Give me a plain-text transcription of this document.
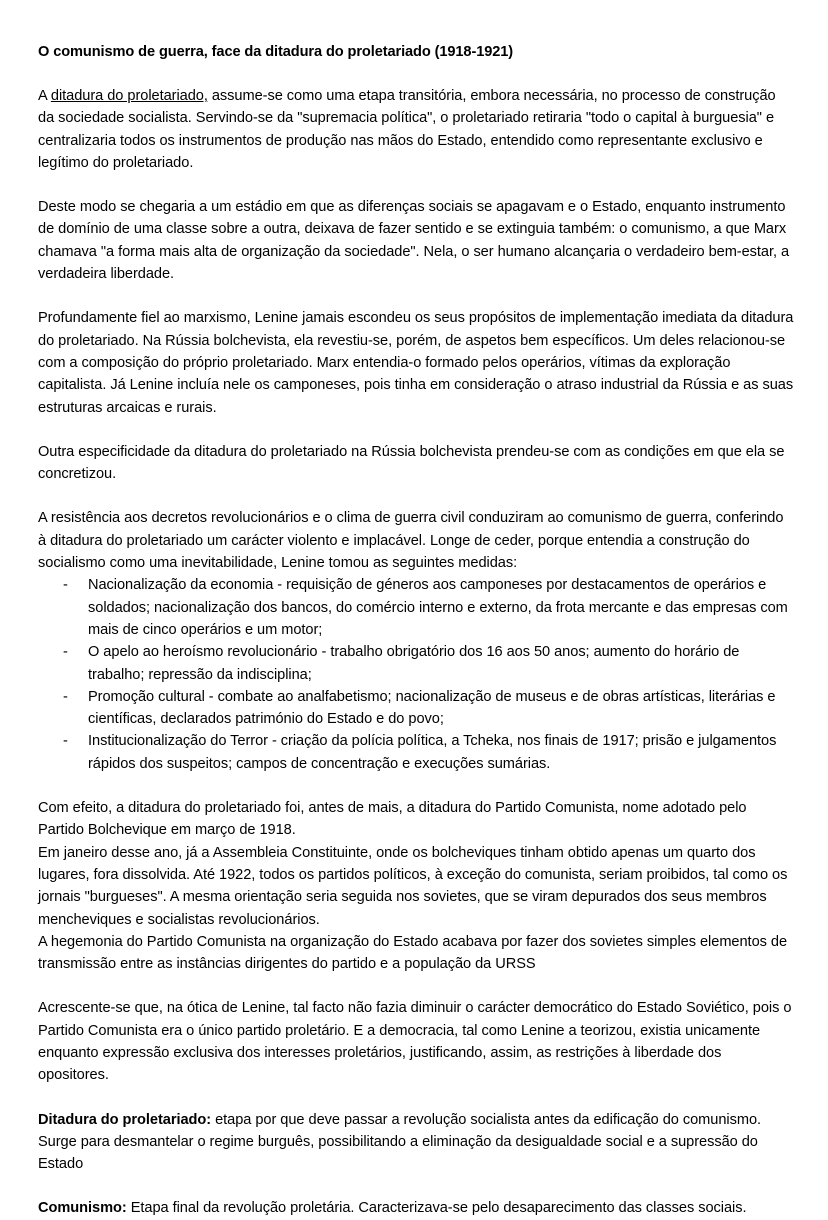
O comunismo de guerra, face da ditadura do proletariado (1918-1921)

A ditadura do proletariado, assume-se como uma etapa transitória, embora necessária, no processo de construção da sociedade socialista. Servindo-se da "supremacia política", o proletariado retiraria "todo o capital à burguesia" e centralizaria todos os instrumentos de produção nas mãos do Estado, entendido como representante exclusivo e legítimo do proletariado.

Deste modo se chegaria a um estádio em que as diferenças sociais se apagavam e o Estado, enquanto instrumento de domínio de uma classe sobre a outra, deixava de fazer sentido e se extinguia também: o comunismo, a que Marx chamava "a forma mais alta de organização da sociedade". Nela, o ser humano alcançaria o verdadeiro bem-estar, a verdadeira liberdade.

Profundamente fiel ao marxismo, Lenine jamais escondeu os seus propósitos de implementação imediata da ditadura do proletariado. Na Rússia bolchevista, ela revestiu-se, porém, de aspetos bem específicos. Um deles relacionou-se com a composição do próprio proletariado. Marx entendia-o formado pelos operários, vítimas da exploração capitalista. Já Lenine incluía nele os camponeses, pois tinha em consideração o atraso industrial da Rússia e as suas estruturas arcaicas e rurais.

Outra especificidade da ditadura do proletariado na Rússia bolchevista prendeu-se com as condições em que ela se concretizou.

A resistência aos decretos revolucionários e o clima de guerra civil conduziram ao comunismo de guerra, conferindo à ditadura do proletariado um carácter violento e implacável. Longe de ceder, porque entendia a construção do socialismo como uma inevitabilidade, Lenine tomou as seguintes medidas:

- Nacionalização da economia - requisição de géneros aos camponeses por destacamentos de operários e soldados; nacionalização dos bancos, do comércio interno e externo, da frota mercante e das empresas com mais de cinco operários e um motor;
- O apelo ao heroísmo revolucionário - trabalho obrigatório dos 16 aos 50 anos; aumento do horário de trabalho; repressão da indisciplina;
- Promoção cultural - combate ao analfabetismo; nacionalização de museus e de obras artísticas, literárias e científicas, declarados património do Estado e do povo;
- Institucionalização do Terror - criação da polícia política, a Tcheka, nos finais de 1917; prisão e julgamentos rápidos dos suspeitos; campos de concentração e execuções sumárias.

Com efeito, a ditadura do proletariado foi, antes de mais, a ditadura do Partido Comunista, nome adotado pelo Partido Bolchevique em março de 1918.

Em janeiro desse ano, já a Assembleia Constituinte, onde os bolcheviques tinham obtido apenas um quarto dos lugares, fora dissolvida. Até 1922, todos os partidos políticos, à exceção do comunista, seriam proibidos, tal como os jornais "burgueses". A mesma orientação seria seguida nos sovietes, que se viram depurados dos seus membros mencheviques e socialistas revolucionários.

A hegemonia do Partido Comunista na organização do Estado acabava por fazer dos sovietes simples elementos de transmissão entre as instâncias dirigentes do partido e a população da URSS

Acrescente-se que, na ótica de Lenine, tal facto não fazia diminuir o carácter democrático do Estado Soviético, pois o Partido Comunista era o único partido proletário. E a democracia, tal como Lenine a teorizou, existia unicamente enquanto expressão exclusiva dos interesses proletários, justificando, assim, as restrições à liberdade dos opositores.

Ditadura do proletariado: etapa por que deve passar a revolução socialista antes da edificação do comunismo. Surge para desmantelar o regime burguês, possibilitando a eliminação da desigualdade social e a supressão do Estado

Comunismo: Etapa final da revolução proletária. Caracterizava-se pelo desaparecimento das classes sociais.
